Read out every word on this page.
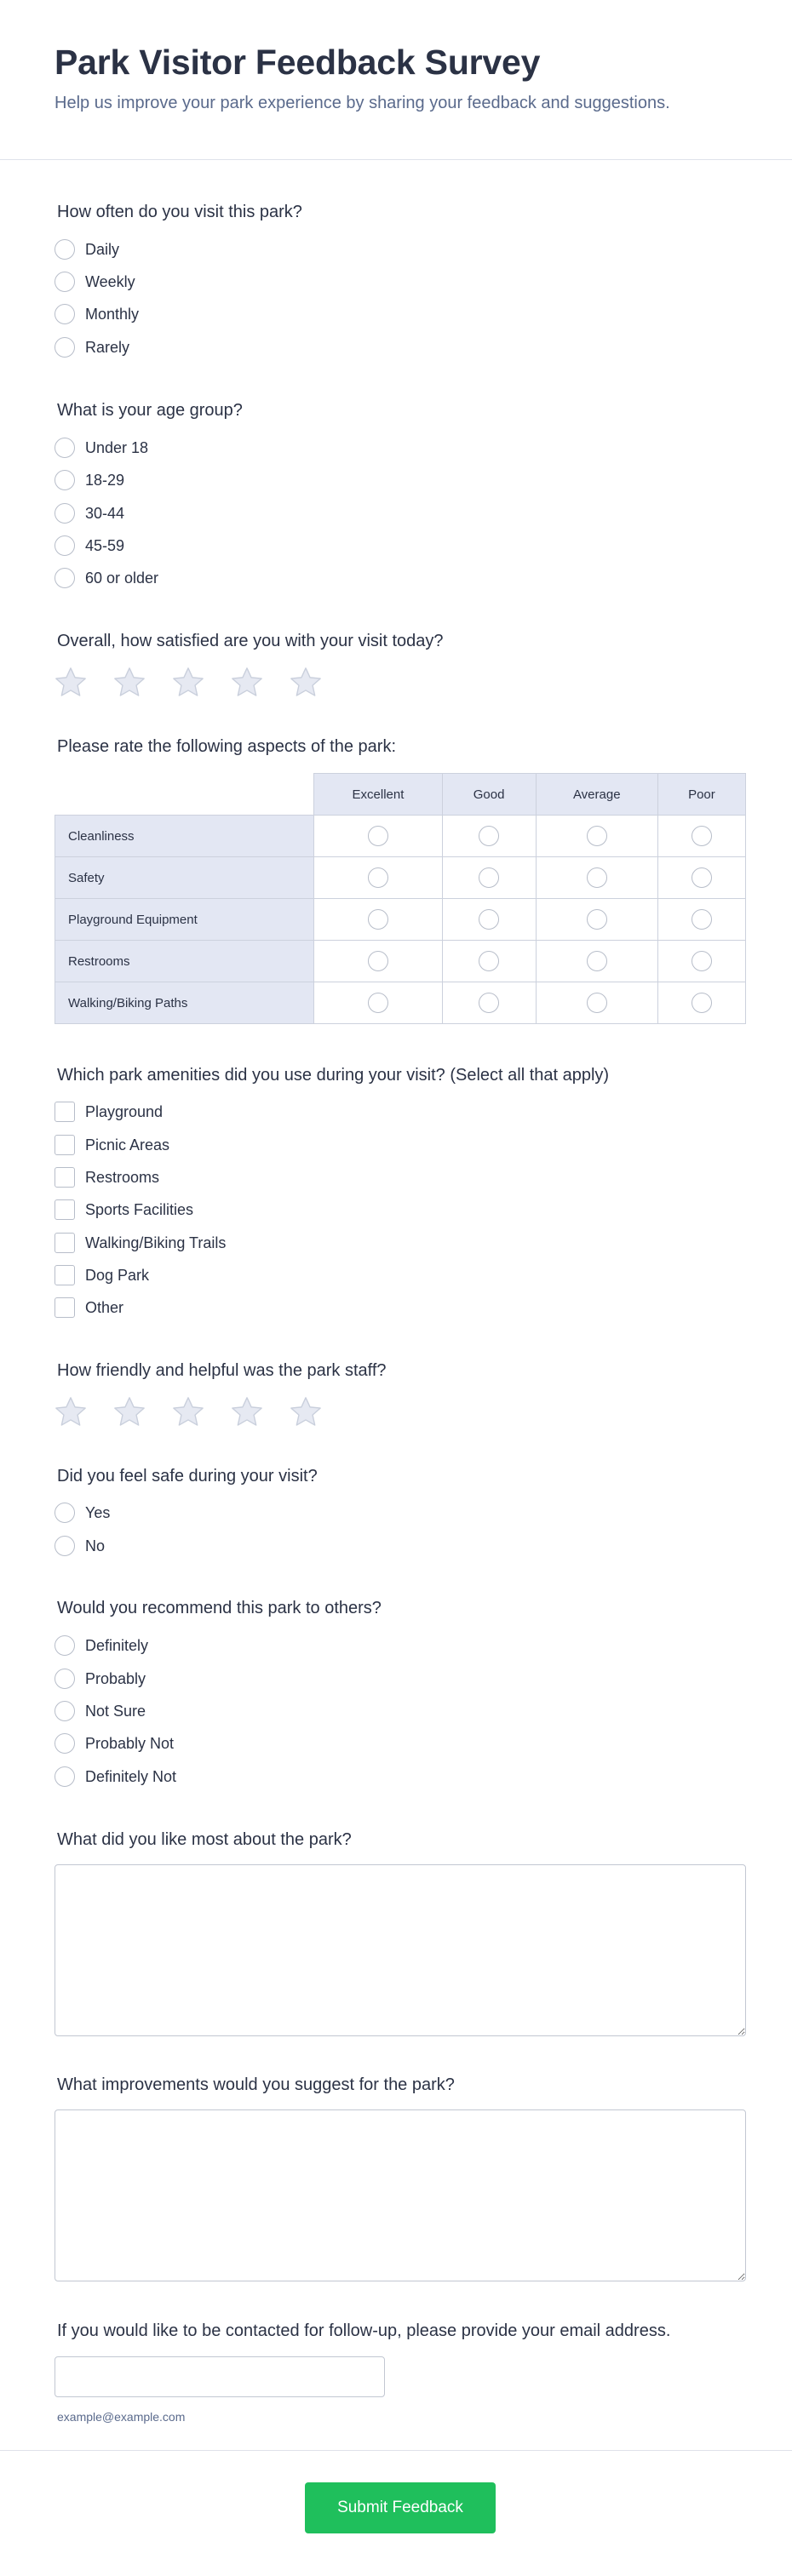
Park Visitor Feedback Survey

Help us improve your park experience by sharing your feedback and suggestions.

How often do you visit this park?
Daily
Weekly
Monthly
Rarely
What is your age group?
Under 18
18-29
30-44
45-59
60 or older
Overall, how satisfied are you with your visit today?
Please rate the following aspects of the park:
	Excellent	Good	Average	Poor
Cleanliness				
Safety				
Playground Equipment				
Restrooms				
Walking/Biking Paths				
Which park amenities did you use during your visit? (Select all that apply)
Playground
Picnic Areas
Restrooms
Sports Facilities
Walking/Biking Trails
Dog Park
Other
How friendly and helpful was the park staff?
Did you feel safe during your visit?
Yes
No
Would you recommend this park to others?
Definitely
Probably
Not Sure
Probably Not
Definitely Not
What did you like most about the park?
What improvements would you suggest for the park?
If you would like to be contacted for follow-up, please provide your email address.
example@example.com
Submit Feedback
